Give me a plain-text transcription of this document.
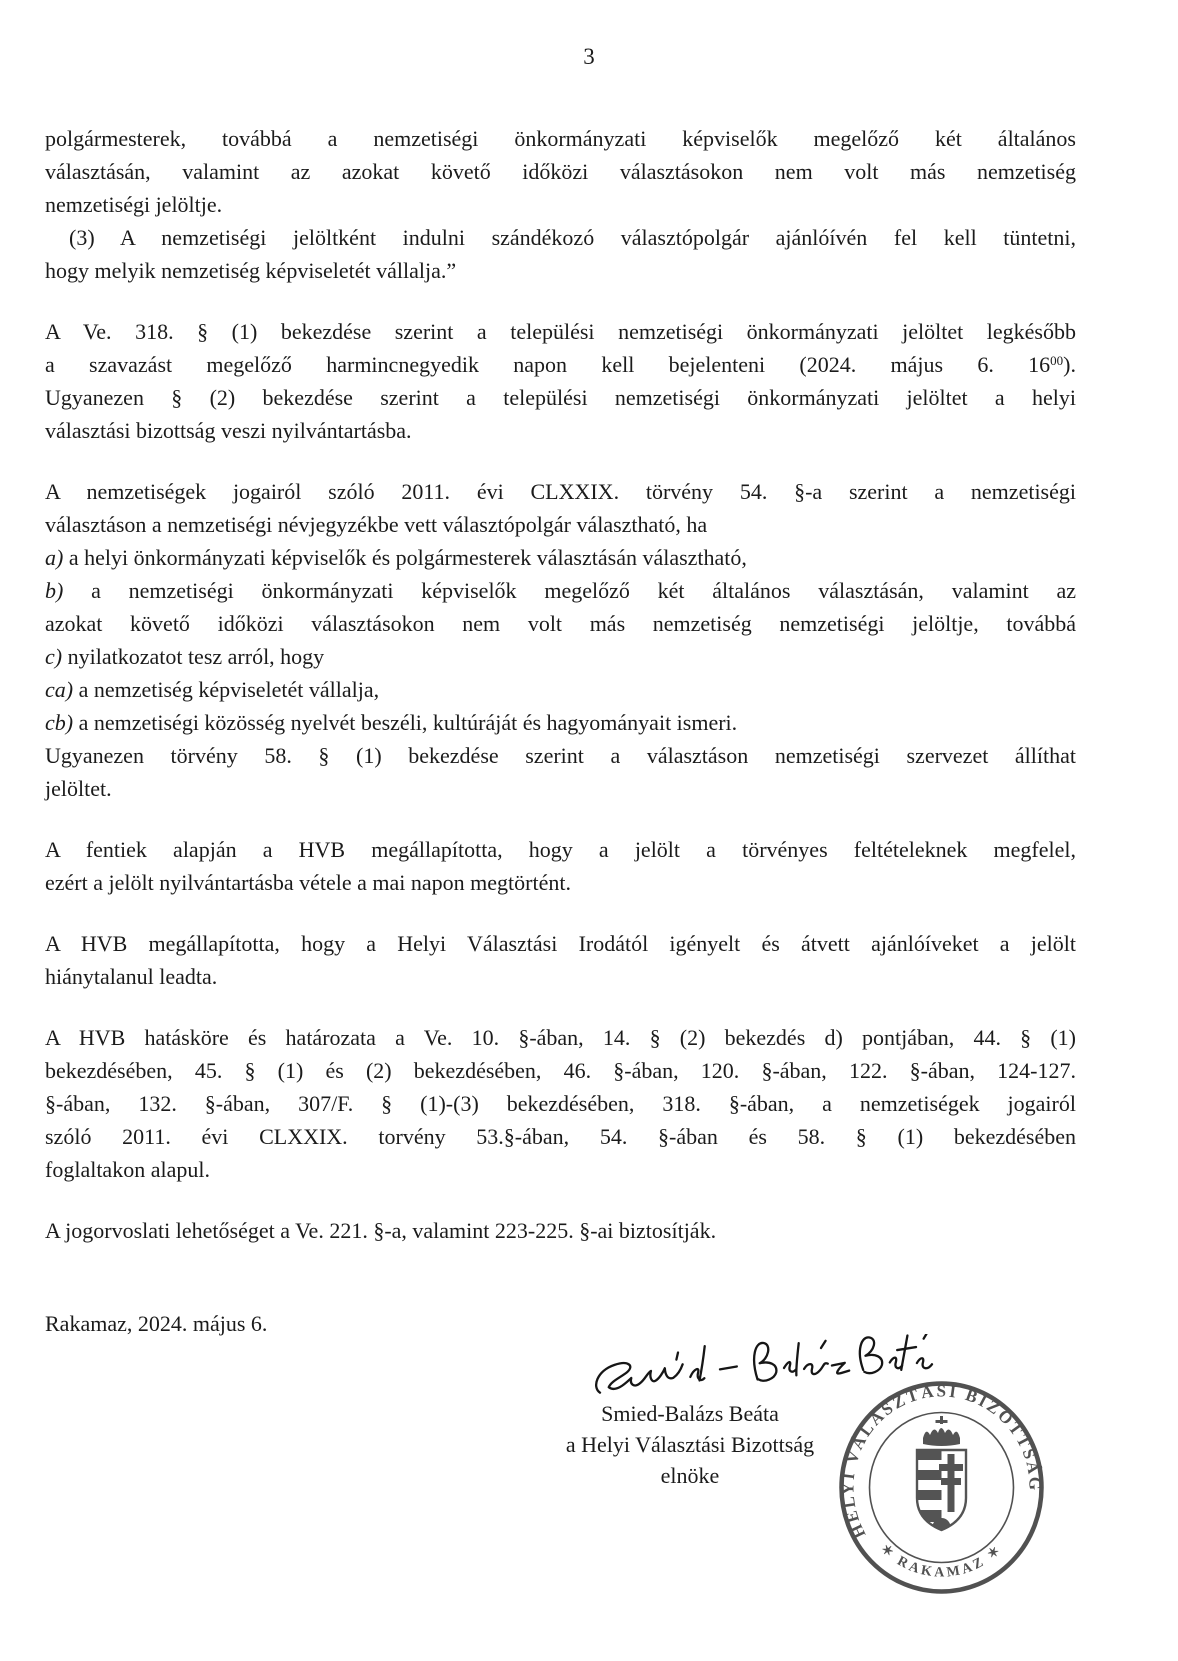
3
polgármesterek, továbbá a nemzetiségi önkormányzati képviselők megelőző két általános
választásán, valamint az azokat követő időközi választásokon nem volt más nemzetiség
nemzetiségi jelöltje.
(3) A nemzetiségi jelöltként indulni szándékozó választópolgár ajánlóívén fel kell tüntetni,
hogy melyik nemzetiség képviseletét vállalja.”
A Ve. 318. § (1) bekezdése szerint a települési nemzetiségi önkormányzati jelöltet legkésőbb
a szavazást megelőző harmincnegyedik napon kell bejelenteni (2024. május 6. $16^{00}$).
Ugyanezen § (2) bekezdése szerint a települési nemzetiségi önkormányzati jelöltet a helyi
választási bizottság veszi nyilvántartásba.
A nemzetiségek jogairól szóló 2011. évi CLXXIX. törvény 54. §-a szerint a nemzetiségi
választáson a nemzetiségi névjegyzékbe vett választópolgár választható, ha
a) a helyi önkormányzati képviselők és polgármesterek választásán választható,
b) a nemzetiségi önkormányzati képviselők megelőző két általános választásán, valamint az
azokat követő időközi választásokon nem volt más nemzetiség nemzetiségi jelöltje, továbbá
c) nyilatkozatot tesz arról, hogy
ca) a nemzetiség képviseletét vállalja,
cb) a nemzetiségi közösség nyelvét beszéli, kultúráját és hagyományait ismeri.
Ugyanezen törvény 58. § (1) bekezdése szerint a választáson nemzetiségi szervezet állíthat
jelöltet.
A fentiek alapján a HVB megállapította, hogy a jelölt a törvényes feltételeknek megfelel,
ezért a jelölt nyilvántartásba vétele a mai napon megtörtént.
A HVB megállapította, hogy a Helyi Választási Irodától igényelt és átvett ajánlóíveket a jelölt
hiánytalanul leadta.
A HVB hatásköre és határozata a Ve. 10. §-ában, 14. § (2) bekezdés d) pontjában, 44. § (1)
bekezdésében, 45. § (1) és (2) bekezdésében, 46. §-ában, 120. §-ában, 122. §-ában, 124-127.
§-ában, 132. §-ában, 307/F. § (1)-(3) bekezdésében, 318. §-ában, a nemzetiségek jogairól
szóló 2011. évi CLXXIX. torvény 53.§-ában, 54. §-ában és 58. § (1) bekezdésében
foglaltakon alapul.
A jogorvoslati lehetőséget a Ve. 221. §-a, valamint 223-225. §-ai biztosítják.
Rakamaz, 2024. május 6.
Smied-Balázs Beáta
a Helyi Választási Bizottság
elnöke
HELYI VÁLASZTÁSI BIZOTTSÁG
✶ RAKAMAZ ✶
